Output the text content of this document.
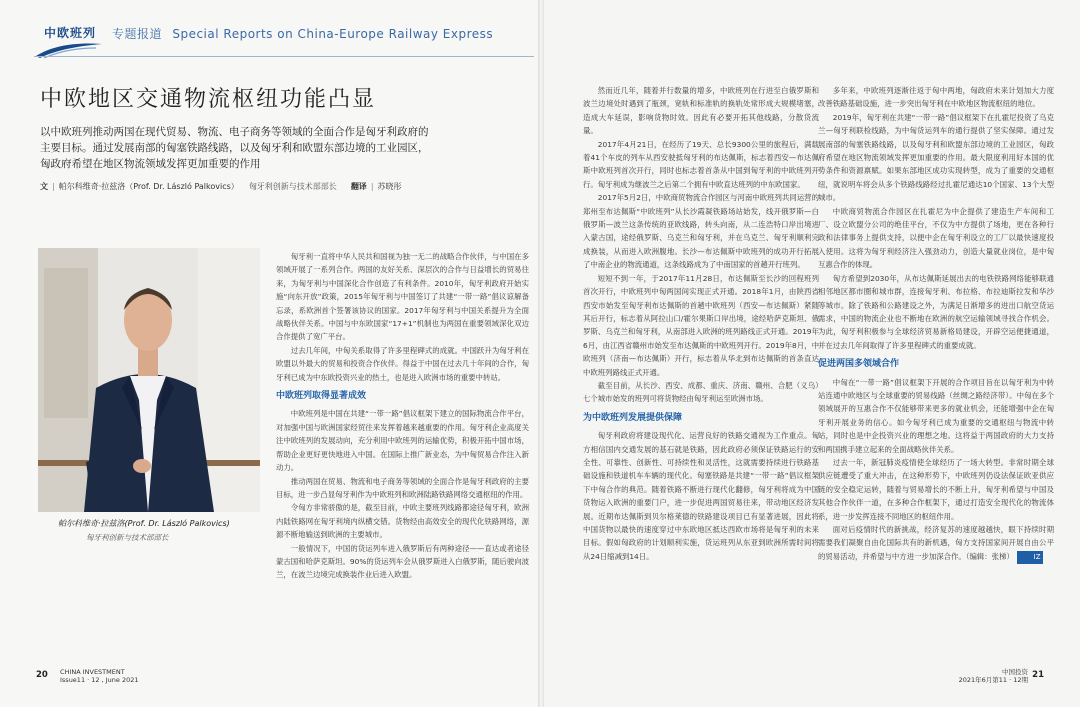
中欧班列 专题报道 Special Reports on China-Europe Railway Express
中欧地区交通物流枢纽功能凸显
以中欧班列推动两国在现代贸易、物流、电子商务等领域的全面合作是匈牙利政府的主要目标。通过发展南部的匈塞铁路线路，以及匈牙利和欧盟东部边境的工业园区，匈政府希望在地区物流领域发挥更加重要的作用
文 | 帕尔科维奇·拉兹洛（Prof. Dr. László Palkovics） 匈牙利创新与技术部部长 翻译 | 苏晓彤
帕尔科维奇·拉兹洛(Prof. Dr. László Palkovics)
匈牙利创新与技术部部长

匈牙利一直将中华人民共和国视为独一无二的战略合作伙伴，与中国在多领域开展了一系列合作。两国的友好关系、深层次的合作与日益增长的贸易往来，为匈牙利与中国深化合作创造了有利条件。2010年，匈牙利政府开始实施“向东开放”政策，2015年匈牙利与中国签订了共建“一带一路”倡议谅解备忘录，系欧洲首个签署该协议的国家。2017年匈牙利与中国关系提升为全面战略伙伴关系。中国与中东欧国家“17+1”机制也为两国在重要领域深化双边合作提供了宽广平台。

过去几年间，中匈关系取得了许多里程碑式的成就。中国跃升为匈牙利在欧盟以外最大的贸易和投资合作伙伴。得益于中国在过去几十年间的合作，匈牙利已成为中东欧投资兴业的热土，也是进入欧洲市场的重要中转站。

中欧班列取得显著成效

中欧班列是中国在共建“一带一路”倡议框架下建立的国际物流合作平台，对加强中国与欧洲国家经贸往来发挥着越来越重要的作用。匈牙利企业高度关注中欧班列的发展动向，充分利用中欧班列的运输优势，积极开拓中国市场，帮助企业更好更快地进入中国。在国际上推广新业态，为中匈贸易合作注入新动力。

推动两国在贸易、物流和电子商务等领域的全面合作是匈牙利政府的主要目标，进一步凸显匈牙利作为中欧班列和欧洲陆路铁路网络交通枢纽的作用。

令匈方非常骄傲的是，截至目前，中欧主要班列线路都途径匈牙利，欧洲内陆铁路网在匈牙利境内纵横交错。货物经由高效安全的现代化铁路网络，源源不断地输送到欧洲的主要城市。

一般情况下，中国的货运列车进入俄罗斯后有两种途径——直达或者途径蒙古国和哈萨克斯坦。90%的货运列车会从俄罗斯进入白俄罗斯，随后驶向波兰，在波兰边境完成换装作业后进入欧盟。

然而近几年，随着并行数量的增多，中欧班列在行进至白俄罗斯和波兰边境处时遇到了瓶颈，宽轨和标准轨的换轨处常形成大规模堵塞，造成大车延误，影响货物时效。因此有必要开拓其他线路，分散货流量。

2017年4月21日，在经历了19天、总长9300公里的旅程后，满载着41个车皮的列车从西安驶抵匈牙利的布达佩斯，标志着西安—布达佩斯中欧班列首次开行，同时也标志着首条从中国到匈牙利的中欧班列开行。匈牙利成为继波兰之后第二个拥有中欧直达班列的中东欧国家。

2017年5月2日，中欧商贸物流合作园区与河南中欧班列共同运营的郑州至布达佩斯“中欧班列”从长沙霞凝铁路场站始发，线开俄罗斯—白俄罗斯—波兰这条传统的亚欧线路，转头向南，从二连浩特口岸出境进入蒙古国，途经俄罗斯、乌克兰和匈牙利，并在乌克兰、匈牙利顺利完成换装，从而进入欧洲腹地。长沙—布达佩斯中欧班列的成功开行拓展了中南企业的物流通道，这条线路成为了中南国家的首趟开行班列。

短短不到一年，于2017年11月28日，布达佩斯至长沙的回程班列首次开行，中欧班列中匈两国间实现正式开通。2018年1月，由陕西省西安市始发至匈牙利布达佩斯的首趟中欧班列（西安—布达佩斯）紧随其后开行，标志着从阿拉山口/霍尔果斯口岸出境，途经哈萨克斯坦、俄罗斯、乌克兰和匈牙利，从南部进入欧洲的班列路线正式开通。2019年6月，由江西省赣州市始发至布达佩斯的中欧班列开行。2019年8月，中欧班列（济南—布达佩斯）开行，标志着从华北到布达佩斯的首条直达中欧班列路线正式开通。

截至目前，从长沙、西安、成都、重庆、济南、赣州、合肥（义乌）七个城市始发的班列可将货物经由匈牙利运至欧洲市场。

为中欧班列发展提供保障

匈牙利政府将建设现代化、运营良好的铁路交通视为工作重点。匈方相信国内交通发展的基石就是铁路，因此政府必须保证铁路运行的安全性、可靠性、创新性、可持续性和灵活性，这就需要持续进行铁路基础设施和铁道机车车辆的现代化。匈塞铁路是共建“一带一路”倡议框架下中匈合作的典范。随着铁路不断进行现代化翻修，匈牙利将成为中国货物运入欧洲的重要门户，进一步促进两国贸易往来，带动地区经济发展。近期布达佩斯到贝尔格莱德的铁路建设项目已有显著进展，因此将中国货物以最快的速度穿过中东欧地区抵达西欧市场将是匈牙利的未来目标。假如匈政府的计划顺利实施，货运班列从东亚到欧洲所需时间将从24日缩减到14日。

多年来，中欧班列逐渐往返于匈中两地，匈政府未来计划加大力度改善铁路基础设施，进一步突出匈牙利在中欧地区物流枢纽的地位。

2019年，匈牙利在共建“一带一路”倡议框架下在扎霍尼投资了乌克兰—匈牙利联检线路，为中匈货运列车的通行提供了坚实保障。通过发展南部的匈塞铁路线路，以及匈牙利和欧盟东部边境的工业园区，匈政府希望在地区物流领域发挥更加重要的作用。最大限度利用好本国的优势条件和资源禀赋。如果东部地区成功实现转型，成为了重要的交通枢纽，就说明车将会从多个铁路线路经过扎霍尼通达10个国家、13个大型城市。

中欧商贸物流合作园区在扎霍尼为中企提供了建造生产车间和工厂、设立欧盟分公司的绝佳平台，不仅为中方提供了场地，更在各种行政和法律事务上提供支持，以便中企在匈牙利设立的工厂以最快速度投入使用。这将为匈牙利经济注入强劲动力，创造大量就业岗位，是中匈互惠合作的体现。

匈方希望到2030年，从布达佩斯延展出去的电铁铁路网络能够联通相邻地区都市圈和城市群，连接匈牙利、布拉格、布拉迪斯拉发和华沙等城市。除了铁路和公路建设之外，为满足日渐增多的进出口航空货运需求，中国的物流企业也不断地在欧洲的航空运输领域寻找合作机会。为此，匈牙利积极参与全球经济贸易新格局建设，开辟空运便捷通道，并在过去几年间取得了许多里程碑式的重要成就。

促进两国多领域合作

中匈在“一带一路”倡议框架下开展的合作项目旨在以匈牙利为中转站连通中欧地区与全球重要的贸易线路（丝绸之路经济带）。中匈在多个领域展开的互惠合作不仅能够带来更多的就业机会，还能增强中企在匈牙利开展业务的信心。如今匈牙利已成为重要的交通枢纽与物流中转站，同时也是中企投资兴业的理想之地。这将益于两国政府的大力支持和两国携手建立起来的全面战略伙伴关系。

过去一年，新冠肺炎疫情使全球经历了一场大转型。非常时期全球供应链遭受了重大冲击，在这种形势下，中欧班列仍设法保证欧亚供应链的安全稳定运转，随着与贸易增长的不断上升，匈牙利希望与中国及其他合作伙伴一道，在多种合作框架下，通过打造安全现代化的物流体系，进一步发挥连接不同地区的枢纽作用。

面对后疫情时代的新挑战，经济复苏的速度越越快，眼下持续时期需要我们凝聚自由化国际共有的新机遇，匈方支持国家间开展自由公平的贸易活动，并希望与中方进一步加深合作。（编辑：张梯）	IZ

20 CHINA INVESTMENT
Issue11 · 12 , June 2021
中国投资
2021年6月第11 · 12期 21
